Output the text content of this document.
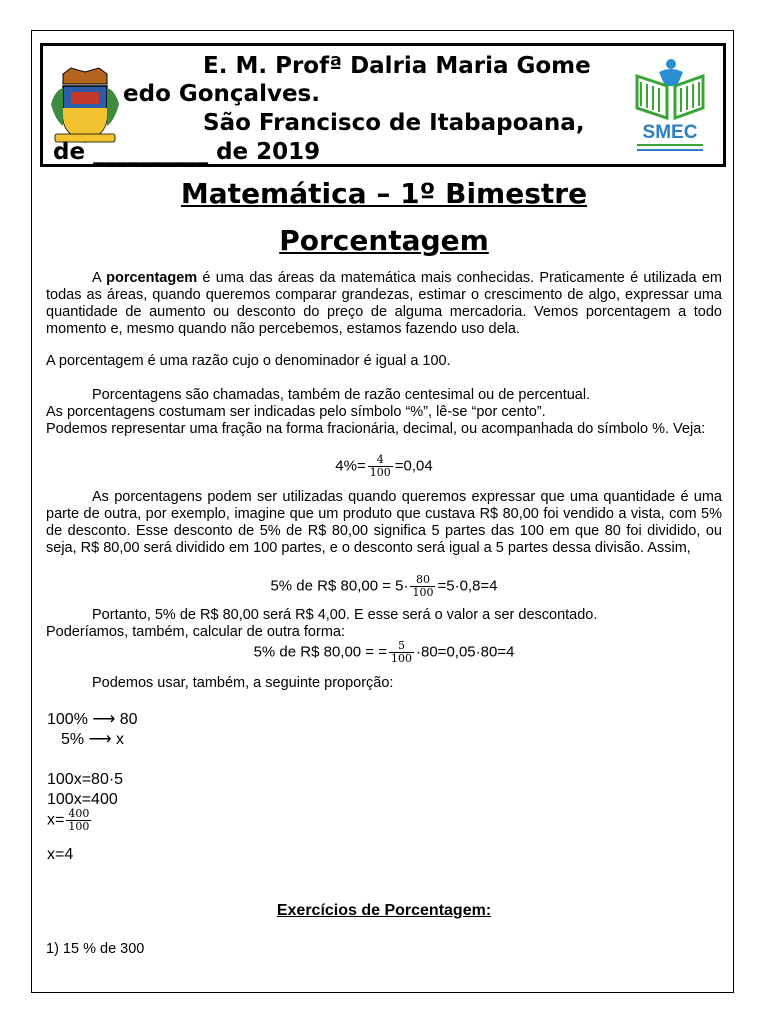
E. M. Profª Dalria Maria Gome
edo Gonçalves.
São Francisco de Itabapoana,
de __________ de 2019
SMEC
Matemática – 1º Bimestre
Porcentagem
A porcentagem é uma das áreas da matemática mais conhecidas. Praticamente é utilizada em todas as áreas, quando queremos comparar grandezas, estimar o crescimento de algo, expressar uma quantidade de aumento ou desconto do preço de alguma mercadoria. Vemos porcentagem a todo momento e, mesmo quando não percebemos, estamos fazendo uso dela.
A porcentagem é uma razão cujo o denominador é igual a 100.
Porcentagens são chamadas, também de razão centesimal ou de percentual.
As porcentagens costumam ser indicadas pelo símbolo “%”, lê-se “por cento”.
Podemos representar uma fração na forma fracionária, decimal, ou acompanhada do símbolo %. Veja:
$4\%= \frac{4}{100} =0,04$
As porcentagens podem ser utilizadas quando queremos expressar que uma quantidade é uma parte de outra, por exemplo, imagine que um produto que custava R$ 80,00 foi vendido a vista, com 5% de desconto. Esse desconto de 5% de R$ 80,00 significa 5 partes das 100 em que 80 foi dividido, ou seja, R$ 80,00 será dividido em 100 partes, e o desconto será igual a 5 partes dessa divisão. Assim,
5% de R$ $80,00 = 5\cdot \frac{80}{100} =5\cdot 0,8=4$
Portanto, 5% de R$ 80,00 será R$ 4,00. E esse será o valor a ser descontado.
Poderíamos, também, calcular de outra forma:
5% de R$ 80,00 = = $\frac{5}{100} \cdot 80=0,05\cdot 80=4$
Podemos usar, também, a seguinte proporção:
100% ⟶ 80
5% ⟶ x
100x=80·5
100x=400
$x= \frac{400}{100}$
x=4
Exercícios de Porcentagem:
1) 15 % de 300
